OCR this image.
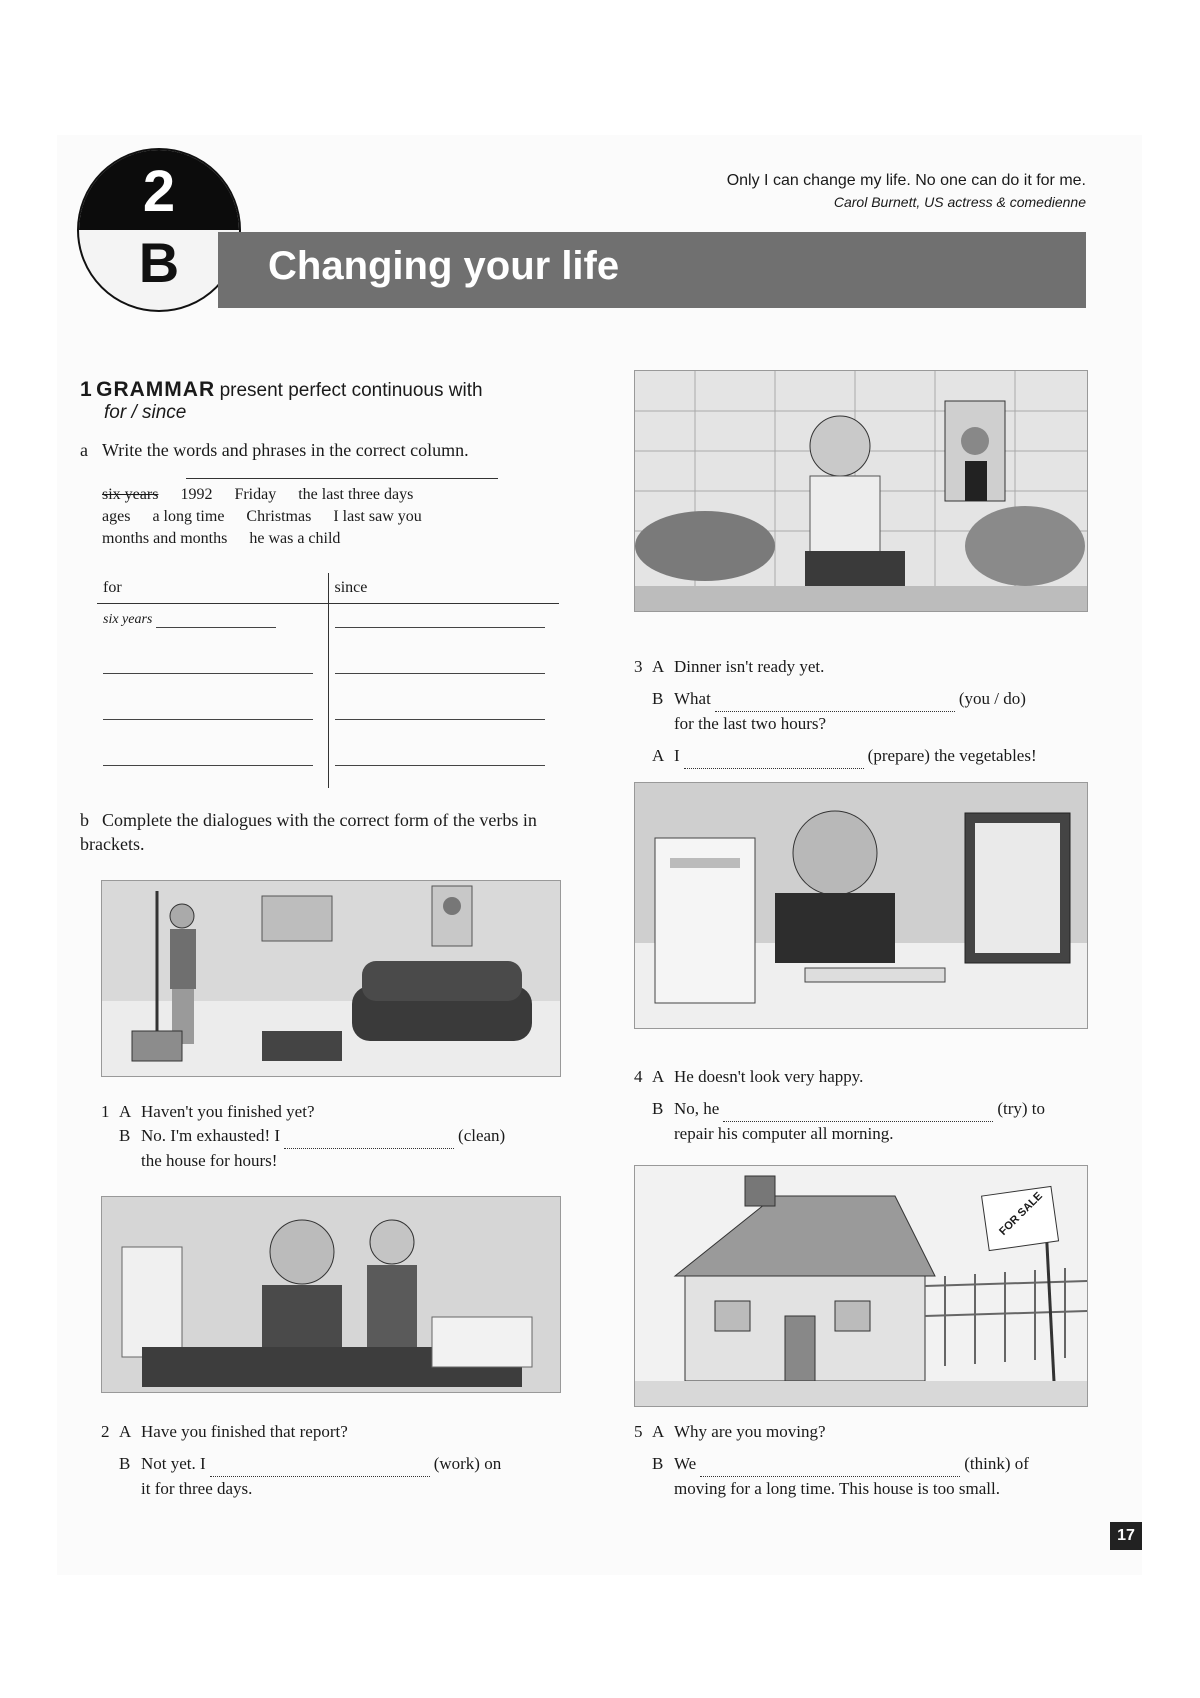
2
B	Changing your life
Only I can change my life. No one can do it for me.
Carol Burnett, US actress & comedienne
1 GRAMMAR present perfect continuous with
for / since
a Write the words and phrases in the correct column.
six years 1992 Friday the last three days
ages a long time Christmas I last saw you
months and months he was a child
for	since
six years	

b Complete the dialogues with the correct form of the verbs in brackets.
1 A Haven't you finished yet?
B No. I'm exhausted! I	(clean)
the house for hours!
2 A Have you finished that report?
B Not yet. I	(work) on
it for three days.
3 A Dinner isn't ready yet.
B What	(you / do)
for the last two hours?
A I	(prepare) the vegetables!
4 A He doesn't look very happy.
B No, he	(try) to
repair his computer all morning.
FOR SALE
5 A Why are you moving?
B We	(think) of
moving for a long time. This house is too small.
17
